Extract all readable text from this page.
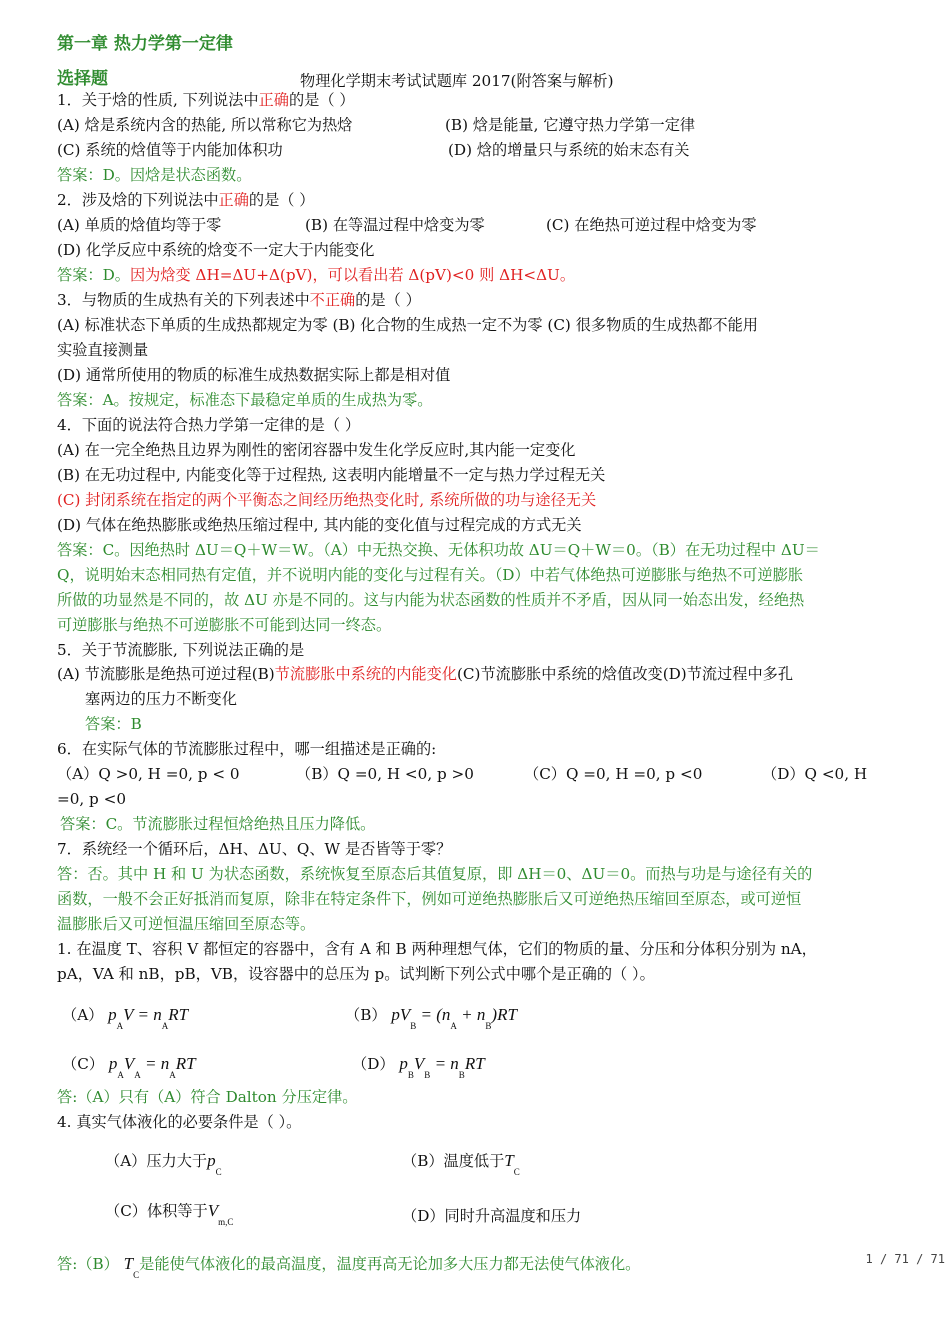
第一章 热力学第一定律
选择题	物理化学期末考试试题库 2017(附答案与解析)
1．关于焓的性质, 下列说法中正确的是（ ）
(A) 焓是系统内含的热能, 所以常称它为热焓	(B) 焓是能量, 它遵守热力学第一定律
(C) 系统的焓值等于内能加体积功	(D) 焓的增量只与系统的始末态有关
答案：D。因焓是状态函数。
2．涉及焓的下列说法中正确的是（ ）
(A) 单质的焓值均等于零	(B) 在等温过程中焓变为零	(C) 在绝热可逆过程中焓变为零
(D) 化学反应中系统的焓变不一定大于内能变化
答案：D。因为焓变 ΔH=ΔU+Δ(pV)，可以看出若 Δ(pV)<0 则 ΔH<ΔU。
3．与物质的生成热有关的下列表述中不正确的是（ ）
(A) 标准状态下单质的生成热都规定为零 (B) 化合物的生成热一定不为零 (C) 很多物质的生成热都不能用
实验直接测量
(D) 通常所使用的物质的标准生成热数据实际上都是相对值
答案：A。按规定，标准态下最稳定单质的生成热为零。
4．下面的说法符合热力学第一定律的是（ ）
(A) 在一完全绝热且边界为刚性的密闭容器中发生化学反应时,其内能一定变化
(B) 在无功过程中, 内能变化等于过程热, 这表明内能增量不一定与热力学过程无关
(C) 封闭系统在指定的两个平衡态之间经历绝热变化时, 系统所做的功与途径无关
(D) 气体在绝热膨胀或绝热压缩过程中, 其内能的变化值与过程完成的方式无关
答案：C。因绝热时 ΔU＝Q＋W＝W。（A）中无热交换、无体积功故 ΔU＝Q＋W＝0。（B）在无功过程中 ΔU＝
Q，说明始末态相同热有定值，并不说明内能的变化与过程有关。（D）中若气体绝热可逆膨胀与绝热不可逆膨胀
所做的功显然是不同的，故 ΔU 亦是不同的。这与内能为状态函数的性质并不矛盾，因从同一始态出发，经绝热
可逆膨胀与绝热不可逆膨胀不可能到达同一终态。
5．关于节流膨胀, 下列说法正确的是
(A) 节流膨胀是绝热可逆过程(B)节流膨胀中系统的内能变化(C)节流膨胀中系统的焓值改变(D)节流过程中多孔
塞两边的压力不断变化
答案：B
6．在实际气体的节流膨胀过程中，哪一组描述是正确的:
（A）Q >0, H =0, p < 0	（B）Q =0, H <0, p >0	（C）Q =0, H =0, p <0	（D）Q <0, H
=0, p <0
答案：C。节流膨胀过程恒焓绝热且压力降低。
7．系统经一个循环后，ΔH、ΔU、Q、W 是否皆等于零？
答：否。其中 H 和 U 为状态函数，系统恢复至原态后其值复原，即 ΔH＝0、ΔU＝0。而热与功是与途径有关的
函数，一般不会正好抵消而复原，除非在特定条件下，例如可逆绝热膨胀后又可逆绝热压缩回至原态，或可逆恒
温膨胀后又可逆恒温压缩回至原态等。
1. 在温度 T、容积 V 都恒定的容器中，含有 A 和 B 两种理想气体，它们的物质的量、分压和分体积分别为 nA，
pA，VA 和 nB，pB，VB，设容器中的总压为 p。试判断下列公式中哪个是正确的（ ）。
（A） $p_AV = n_ART$	（B） $pV_B = (n_A + n_B)RT$
（C） $p_AV_A = n_ART$	（D） $p_BV_B = n_BRT$
答:（A）只有（A）符合 Dalton 分压定律。
4. 真实气体液化的必要条件是（ ）。
（A）压力大于$p_C$
（B）温度低于$T_C$
（C）体积等于$V_{m,C}$	（D）同时升高温度和压力
答:（B） $T_C$是能使气体液化的最高温度，温度再高无论加多大压力都无法使气体液化。	1 / 71 / 71
